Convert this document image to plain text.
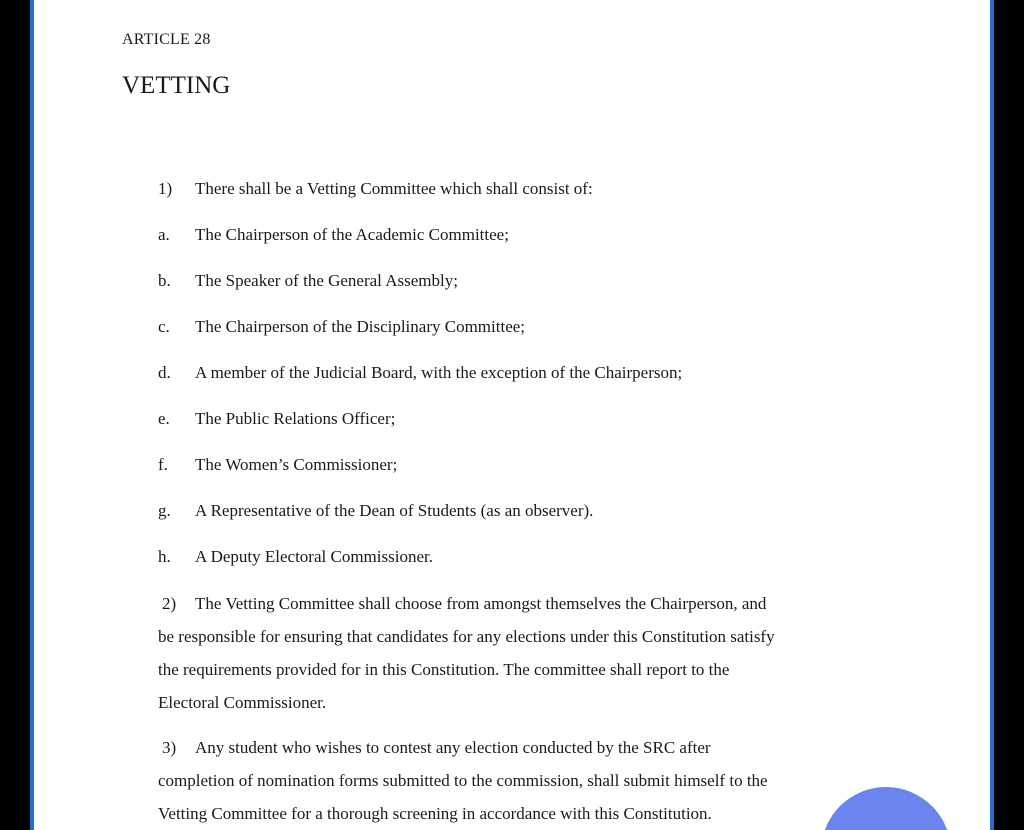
ARTICLE 28
VETTING
1) There shall be a Vetting Committee which shall consist of:
a. The Chairperson of the Academic Committee;
b. The Speaker of the General Assembly;
c. The Chairperson of the Disciplinary Committee;
d. A member of the Judicial Board, with the exception of the Chairperson;
e. The Public Relations Officer;
f. The Women’s Commissioner;
g. A Representative of the Dean of Students (as an observer).
h. A Deputy Electoral Commissioner.
2) The Vetting Committee shall choose from amongst themselves the Chairperson, and
be responsible for ensuring that candidates for any elections under this Constitution satisfy
the requirements provided for in this Constitution. The committee shall report to the
Electoral Commissioner.
3) Any student who wishes to contest any election conducted by the SRC after
completion of nomination forms submitted to the commission, shall submit himself to the
Vetting Committee for a thorough screening in accordance with this Constitution.
